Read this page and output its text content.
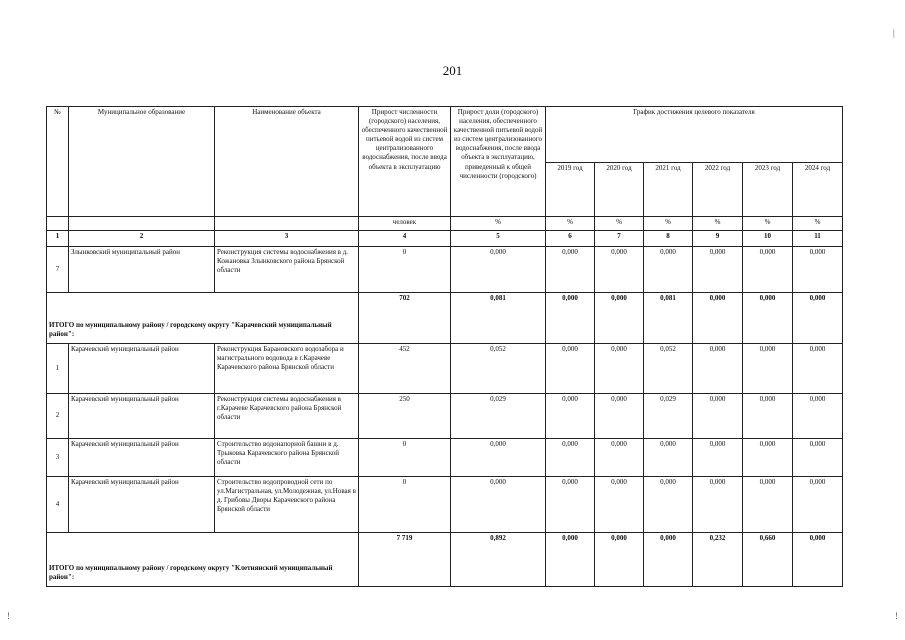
201
№	Муниципальное образование	Наименование объекта	Прирост численности (городского) населения, обеспеченного качественной питьевой водой из систем централизованного водоснабжения, после ввода объекта в эксплуатацию	Прирост доли (городского) населения, обеспеченного качественной питьевой водой из систем централизованного водоснабжения, после ввода объекта в эксплуатацию, приведенный к общей численности (городского)	График достижения целевого показателя					
					2019 год	2020 год	2021 год	2022 год	2023 год	2024 год
			человек	%	%	%	%	%	%	%
1	2	3	4	5	6	7	8	9	10	11
7	Злынковский муниципальный район	Реконструкция системы водоснабжения в д. Кожановка Злынковского района Брянской области	0	0,000	0,000	0,000	0,000	0,000	0,000	0,000
ИТОГО по муниципальному району / городскому округу "Карачевский муниципальный район":			702	0,081	0,000	0,000	0,081	0,000	0,000	0,000
1	Карачевский муниципальный район	Реконструкция Барановского водозабора и магистрального водовода в г.Карачеве Карачевского района Брянской области	452	0,052	0,000	0,000	0,052	0,000	0,000	0,000
2	Карачевский муниципальный район	Реконструкция системы водоснабжения в г.Карачеве Карачевского района Брянской области	250	0,029	0,000	0,000	0,029	0,000	0,000	0,000
3	Карачевский муниципальный район	Строительство водонапорной башни в д. Трыковка Карачевского района Брянской области	0	0,000	0,000	0,000	0,000	0,000	0,000	0,000
4	Карачевский муниципальный район	Строительство водопроводной сети по ул.Магистральная, ул.Молодежная, ул.Новая в д. Грибовы Дворы Карачевского района Брянской области	0	0,000	0,000	0,000	0,000	0,000	0,000	0,000
ИТОГО по муниципальному району / городскому округу "Клетнянский муниципальный район":			7 719	0,892	0,000	0,000	0,000	0,232	0,660	0,000
!	!
|
